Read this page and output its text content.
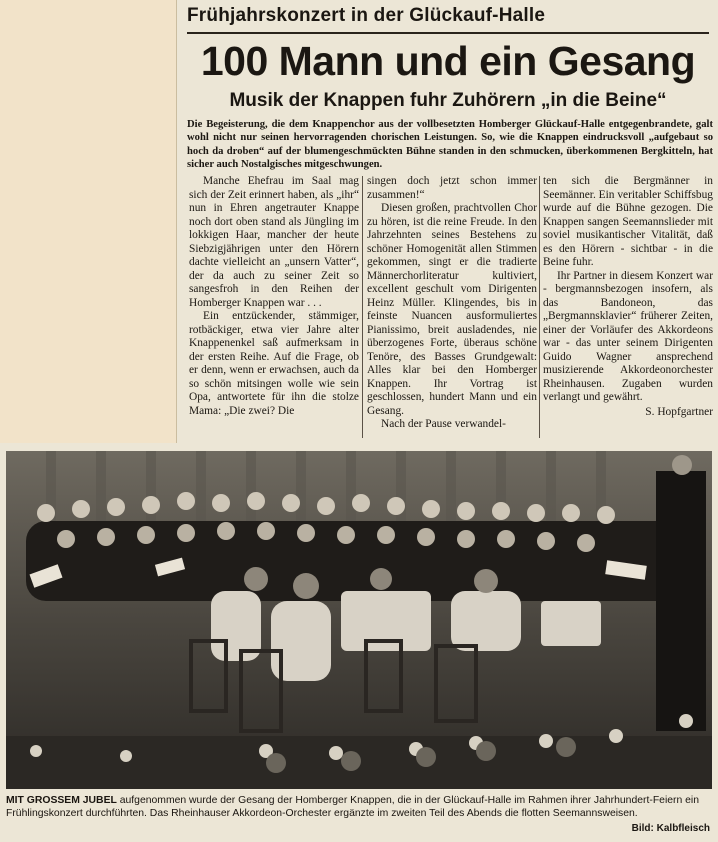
Frühjahrskonzert in der Glückauf-Halle
100 Mann und ein Gesang
Musik der Knappen fuhr Zuhörern „in die Beine“
Die Begeisterung, die dem Knappenchor aus der vollbesetzten Homberger Glückauf-Halle entgegenbrandete, galt wohl nicht nur seinen hervorragenden chorischen Leistungen. So, wie die Knappen eindrucksvoll „aufgebaut so hoch da droben“ auf der blumengeschmückten Bühne standen in den schmucken, überkommenen Bergkitteln, hat sicher auch Nostalgisches mitgeschwungen.

Manche Ehefrau im Saal mag sich der Zeit erinnert haben, als „ihr“ nun in Ehren angetrauter Knappe noch dort oben stand als Jüngling im lokkigen Haar, mancher der heute Siebzigjährigen unter den Hörern dachte vielleicht an „unsern Vatter“, der da auch zu seiner Zeit so sangesfroh in den Reihen der Homberger Knappen war . . .

Ein entzückender, stämmiger, rotbäckiger, etwa vier Jahre alter Knappenenkel saß aufmerksam in der ersten Reihe. Auf die Frage, ob er denn, wenn er erwachsen, auch da so schön mitsingen wolle wie sein Opa, antwortete für ihn die stolze Mama: „Die zwei? Die

singen doch jetzt schon immer zusammen!“

Diesen großen, prachtvollen Chor zu hören, ist die reine Freude. In den Jahrzehnten seines Bestehens zu schöner Homogenität allen Stimmen gekommen, singt er die tradierte Männerchorliteratur kultiviert, excellent geschult vom Dirigenten Heinz Müller. Klingendes, bis in feinste Nuancen ausformuliertes Pianissimo, breit ausladendes, nie überzogenes Forte, überaus schöne Tenöre, des Basses Grundgewalt: Alles klar bei den Homberger Knappen. Ihr Vortrag ist geschlossen, hundert Mann und ein Gesang.

Nach der Pause verwandel-

ten sich die Bergmänner in Seemänner. Ein veritabler Schiffsbug wurde auf die Bühne gezogen. Die Knappen sangen Seemannslieder mit soviel musikantischer Vitalität, daß es den Hörern - sichtbar - in die Beine fuhr.

Ihr Partner in diesem Konzert war - bergmannsbezogen insofern, als das Bandoneon, das „Bergmannsklavier“ früherer Zeiten, einer der Vorläufer des Akkordeons war - das unter seinem Dirigenten Guido Wagner ansprechend musizierende Akkordeonorchester Rheinhausen. Zugaben wurden verlangt und gewährt.

S. Hopfgartner

MIT GROSSEM JUBEL aufgenommen wurde der Gesang der Homberger Knappen, die in der Glückauf-Halle im Rahmen ihrer Jahrhundert-Feiern ein Frühlingskonzert durchführten. Das Rheinhauser Akkordeon-Orchester ergänzte im zweiten Teil des Abends die flotten Seemannsweisen.
Bild: Kalbfleisch
